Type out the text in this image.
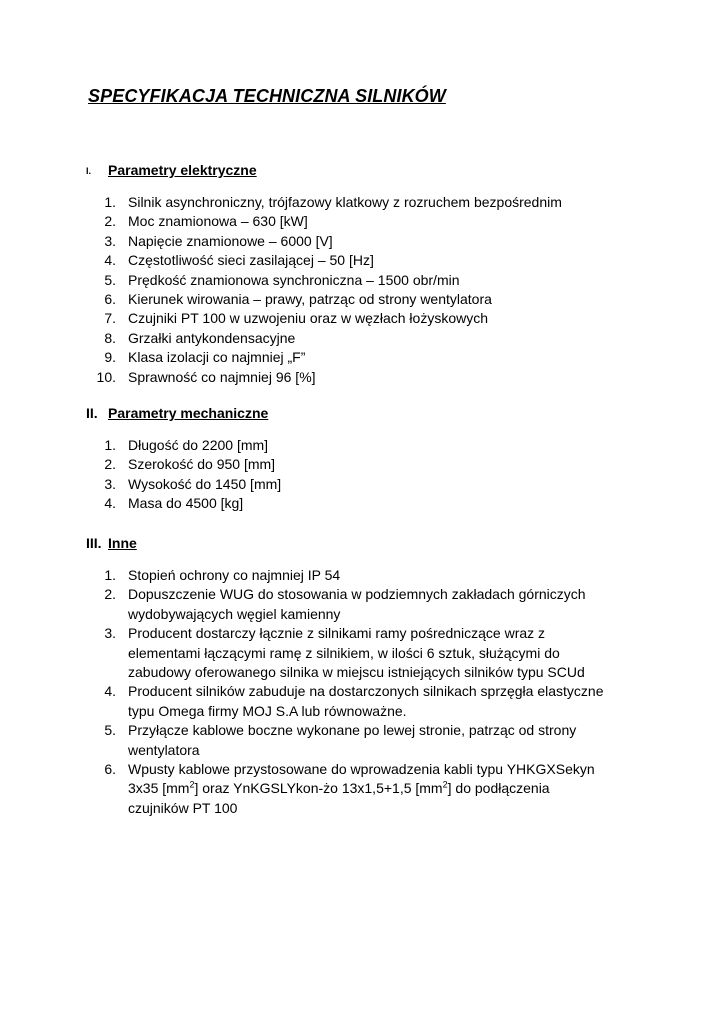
SPECYFIKACJA TECHNICZNA SILNIKÓW
I. Parametry elektryczne
1. Silnik asynchroniczny, trójfazowy klatkowy z rozruchem bezpośrednim
2. Moc znamionowa – 630 [kW]
3. Napięcie znamionowe – 6000 [V]
4. Częstotliwość sieci zasilającej – 50 [Hz]
5. Prędkość znamionowa synchroniczna – 1500 obr/min
6. Kierunek wirowania – prawy, patrząc od strony wentylatora
7. Czujniki PT 100 w uzwojeniu oraz w węzłach łożyskowych
8. Grzałki antykondensacyjne
9. Klasa izolacji co najmniej „F”
10. Sprawność co najmniej 96 [%]
II. Parametry mechaniczne
1. Długość do 2200 [mm]
2. Szerokość do 950 [mm]
3. Wysokość do 1450 [mm]
4. Masa do 4500 [kg]
III. Inne
1. Stopień ochrony co najmniej IP 54
2. Dopuszczenie WUG do stosowania w podziemnych zakładach górniczych
wydobywających węgiel kamienny
3. Producent dostarczy łącznie z silnikami ramy pośredniczące wraz z
elementami łączącymi ramę z silnikiem, w ilości 6 sztuk, służącymi do
zabudowy oferowanego silnika w miejscu istniejących silników typu SCUd
4. Producent silników zabuduje na dostarczonych silnikach sprzęgła elastyczne
typu Omega firmy MOJ S.A lub równoważne.
5. Przyłącze kablowe boczne wykonane po lewej stronie, patrząc od strony
wentylatora
6. Wpusty kablowe przystosowane do wprowadzenia kabli typu YHKGXSekyn
3x35 $[mm^2]$ oraz YnKGSLYkon-żo 13x1,5+1,5 $[mm^2]$ do podłączenia
czujników PT 100
